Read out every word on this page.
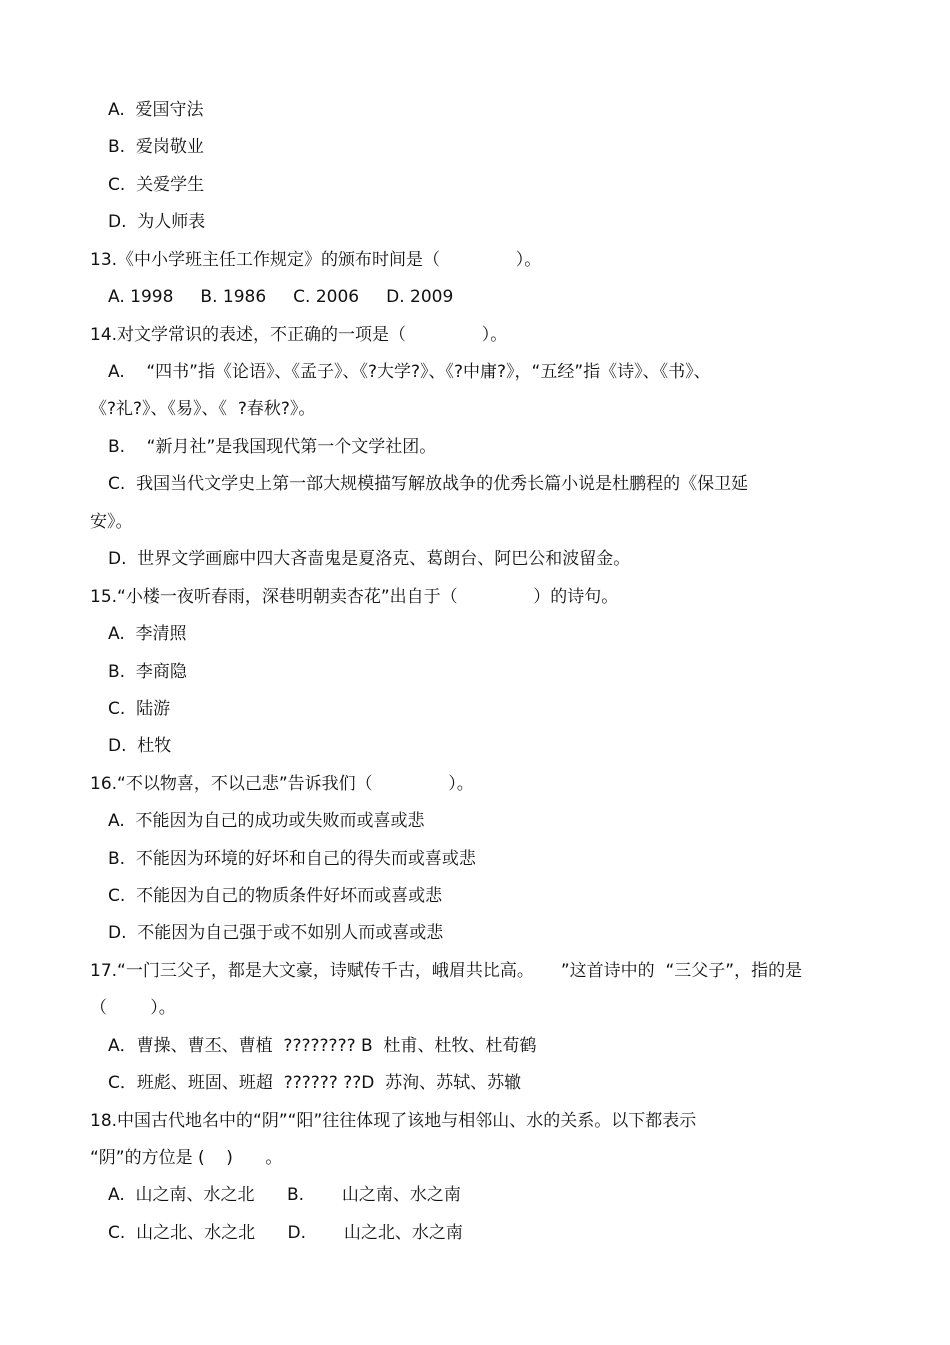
A.  爱国守法
B.  爱岗敬业
C.  关爱学生
D.  为人师表
13.《中小学班主任工作规定》的颁布时间是（              ）。
A. 1998     B. 1986     C. 2006     D. 2009
14.对文学常识的表述，不正确的一项是（              ）。
A.    “四书”指《论语》、《孟子》、《?大学?》、《?中庸?》，“五经”指《诗》、《书》、
《?礼?》、《易》、《  ?春秋?》。
B.    “新月社”是我国现代第一个文学社团。
C.  我国当代文学史上第一部大规模描写解放战争的优秀长篇小说是杜鹏程的《保卫延
安》。
D.  世界文学画廊中四大吝啬鬼是夏洛克、葛朗台、阿巴公和波留金。
15.“小楼一夜听春雨，深巷明朝卖杏花”出自于（              ）的诗句。
A.  李清照
B.  李商隐
C.  陆游
D.  杜牧
16.“不以物喜，不以己悲”告诉我们（              ）。
A.  不能因为自己的成功或失败而或喜或悲
B.  不能因为环境的好坏和自己的得失而或喜或悲
C.  不能因为自己的物质条件好坏而或喜或悲
D.  不能因为自己强于或不如别人而或喜或悲
17.“一门三父子，都是大文豪，诗赋传千古，峨眉共比高。     ”这首诗中的  “三父子”，指的是
（        ）。
A．曹操、曹丕、曹植  ???????? B  杜甫、杜牧、杜荀鹤
C．班彪、班固、班超  ?????? ??D  苏洵、苏轼、苏辙
18.中国古代地名中的“阴”“阳”往往体现了该地与相邻山、水的关系。以下都表示
“阴”的方位是 (    )      。
A.  山之南、水之北      B.       山之南、水之南
C.  山之北、水之北      D.       山之北、水之南
